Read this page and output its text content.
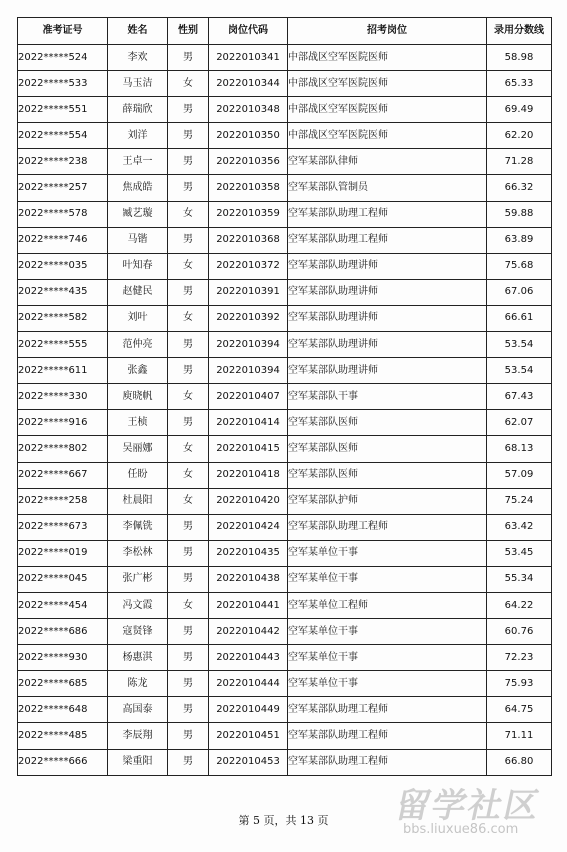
准考证号	姓名	性别	岗位代码	招考岗位	录用分数线
2022*****524	李欢	男	2022010341	中部战区空军医院医师	58.98
2022*****533	马玉洁	女	2022010344	中部战区空军医院医师	65.33
2022*****551	薛瑞欣	男	2022010348	中部战区空军医院医师	69.49
2022*****554	刘洋	男	2022010350	中部战区空军医院医师	62.20
2022*****238	王卓一	男	2022010356	空军某部队律师	71.28
2022*****257	焦成皓	男	2022010358	空军某部队管制员	66.32
2022*****578	臧艺璇	女	2022010359	空军某部队助理工程师	59.88
2022*****746	马锴	男	2022010368	空军某部队助理工程师	63.89
2022*****035	叶知春	女	2022010372	空军某部队助理讲师	75.68
2022*****435	赵健民	男	2022010391	空军某部队助理讲师	67.06
2022*****582	刘叶	女	2022010392	空军某部队助理讲师	66.61
2022*****555	范仲亮	男	2022010394	空军某部队助理讲师	53.54
2022*****611	张鑫	男	2022010394	空军某部队助理讲师	53.54
2022*****330	庾晓帆	女	2022010407	空军某部队干事	67.43
2022*****916	王桢	男	2022010414	空军某部队医师	62.07
2022*****802	吴丽娜	女	2022010415	空军某部队医师	68.13
2022*****667	任盼	女	2022010418	空军某部队医师	57.09
2022*****258	杜晨阳	女	2022010420	空军某部队护师	75.24
2022*****673	李佩铣	男	2022010424	空军某部队助理工程师	63.42
2022*****019	李松林	男	2022010435	空军某单位干事	53.45
2022*****045	张广彬	男	2022010438	空军某单位干事	55.34
2022*****454	冯文霞	女	2022010441	空军某单位工程师	64.22
2022*****686	寇贤锋	男	2022010442	空军某单位干事	60.76
2022*****930	杨惠淇	男	2022010443	空军某单位干事	72.23
2022*****685	陈龙	男	2022010444	空军某单位干事	75.93
2022*****648	高国泰	男	2022010449	空军某部队助理工程师	64.75
2022*****485	李辰翔	男	2022010451	空军某部队助理工程师	71.11
2022*****666	梁重阳	男	2022010453	空军某部队助理工程师	66.80
第 5 页，共 13 页	留学社区
bbs.liuxue86.com
